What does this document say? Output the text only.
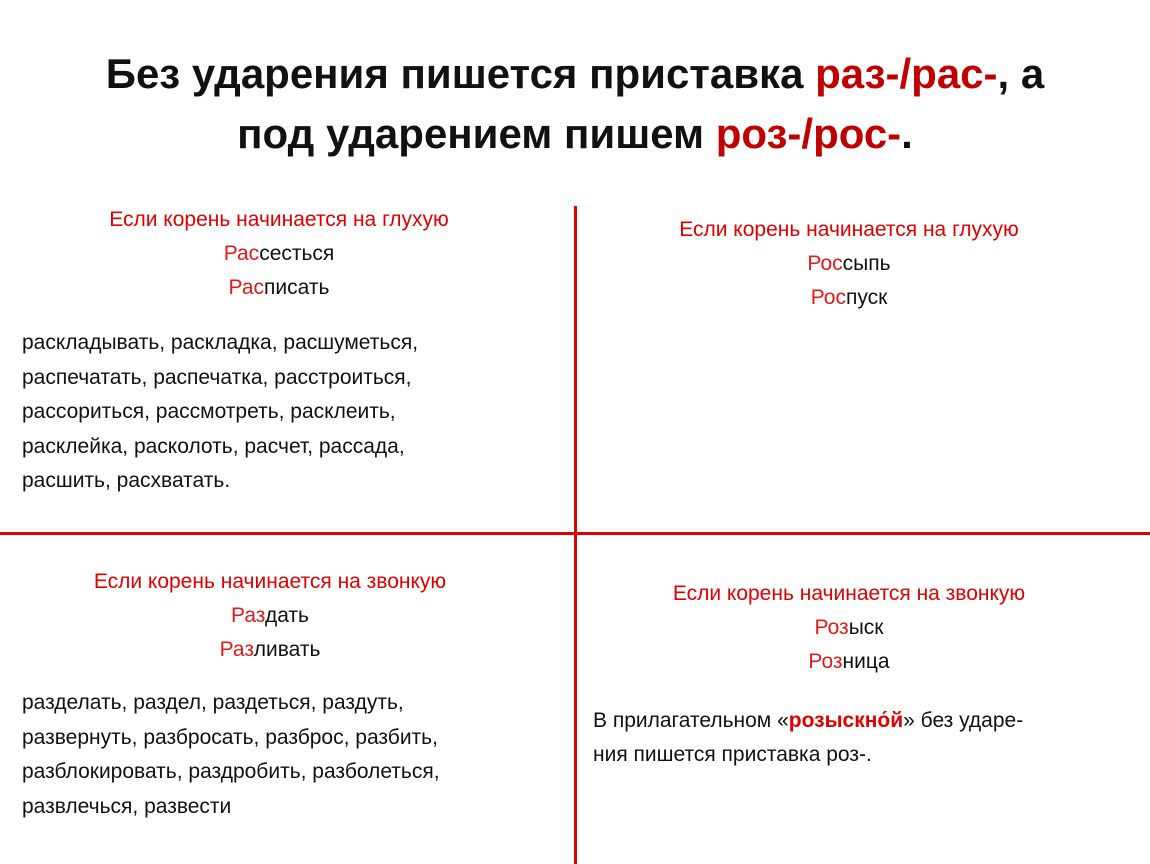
Без ударения пишется приставка раз-/рас-, а
под ударением пишем роз-/рос-.
Если корень начинается на глухую
Рассесться
Расписать
раскладывать, раскладка, расшуметься,
распечатать, распечатка, расстроиться,
рассориться, рассмотреть, расклеить,
расклейка, расколоть, расчет, рассада,
расшить, расхватать.
Если корень начинается на глухую
Россыпь
Роспуск
Если корень начинается на звонкую
Раздать
Разливать
разделать, раздел, раздеться, раздуть,
развернуть, разбросать, разброс, разбить,
разблокировать, раздробить, разболеться,
развлечься, развести
Если корень начинается на звонкую
Розыск
Розница
В прилагательном «розыскно́й» без ударе-
ния пишется приставка роз-.
